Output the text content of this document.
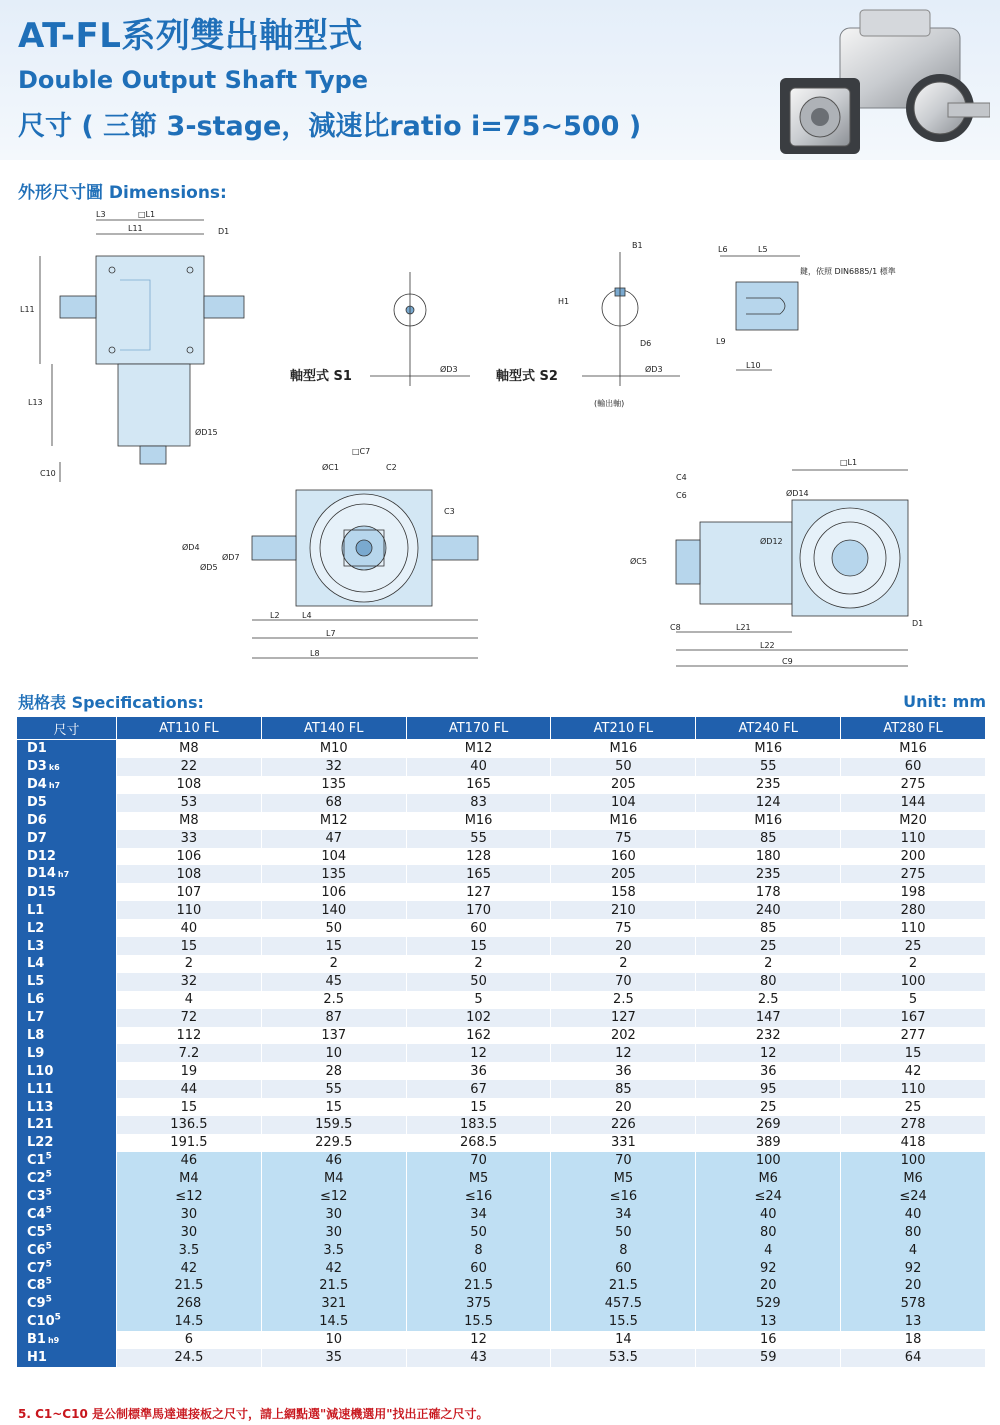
AT-FL系列雙出軸型式
Double Output Shaft Type
尺寸 ( 三節 3-stage，減速比ratio i=75~500 )
外形尺寸圖 Dimensions:
□L1
L3
L11	D1
L11
L13
ØD15
C10
軸型式 S1	ØD3
B1
H1
D6
軸型式 S2	ØD3
(輸出軸)
L6	L5
鍵，依照 DIN6885/1 標準
L9
L10
□C7
ØC1	C2
C3
ØD4
ØD5
ØD7
L2	L4
L7
L8
□L1
C4
C6
ØC5
C8	L21
L22
C9
D1
ØD12
ØD14
規格表 Specifications:	Unit: mm
尺寸	AT110 FL	AT140 FL	AT170 FL	AT210 FL	AT240 FL	AT280 FL
D1	M8	M10	M12	M16	M16	M16
D3 k6	22	32	40	50	55	60
D4 h7	108	135	165	205	235	275
D5	53	68	83	104	124	144
D6	M8	M12	M16	M16	M16	M20
D7	33	47	55	75	85	110
D12	106	104	128	160	180	200
D14 h7	108	135	165	205	235	275
D15	107	106	127	158	178	198
L1	110	140	170	210	240	280
L2	40	50	60	75	85	110
L3	15	15	15	20	25	25
L4	2	2	2	2	2	2
L5	32	45	50	70	80	100
L6	4	2.5	5	2.5	2.5	5
L7	72	87	102	127	147	167
L8	112	137	162	202	232	277
L9	7.2	10	12	12	12	15
L10	19	28	36	36	36	42
L11	44	55	67	85	95	110
L13	15	15	15	20	25	25
L21	136.5	159.5	183.5	226	269	278
L22	191.5	229.5	268.5	331	389	418
$C1^5$	46	46	70	70	100	100
$C2^5$	M4	M4	M5	M5	M6	M6
$C3^5$	≤12	≤12	≤16	≤16	≤24	≤24
$C4^5$	30	30	34	34	40	40
$C5^5$	30	30	50	50	80	80
$C6^5$	3.5	3.5	8	8	4	4
$C7^5$	42	42	60	60	92	92
$C8^5$	21.5	21.5	21.5	21.5	20	20
$C9^5$	268	321	375	457.5	529	578
$C10^5$	14.5	14.5	15.5	15.5	13	13
B1 h9	6	10	12	14	16	18
H1	24.5	35	43	53.5	59	64
5. C1~C10 是公制標準馬達連接板之尺寸，請上網點選"減速機選用"找出正確之尺寸。
